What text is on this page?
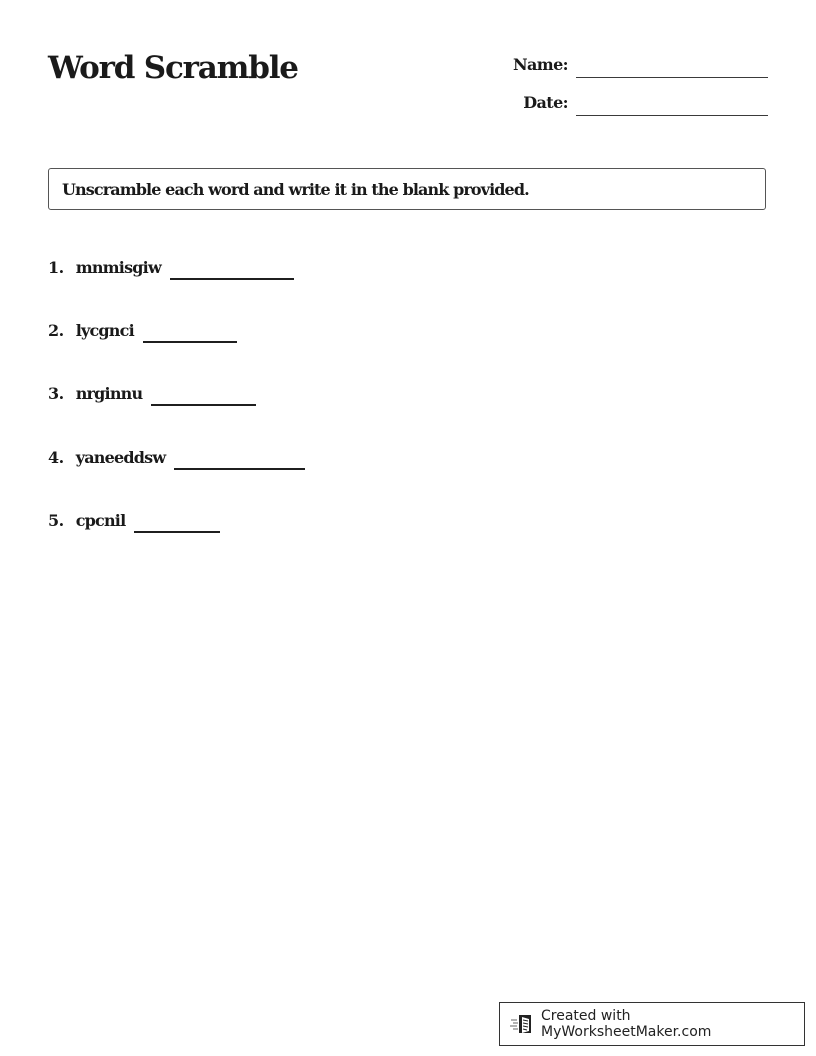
Word Scramble	Name:
Date:
Unscramble each word and write it in the blank provided.
1. mnmisgiw
2. lycgnci
3. nrginnu
4. yaneeddsw
5. cpcnil
Created with MyWorksheetMaker.com
